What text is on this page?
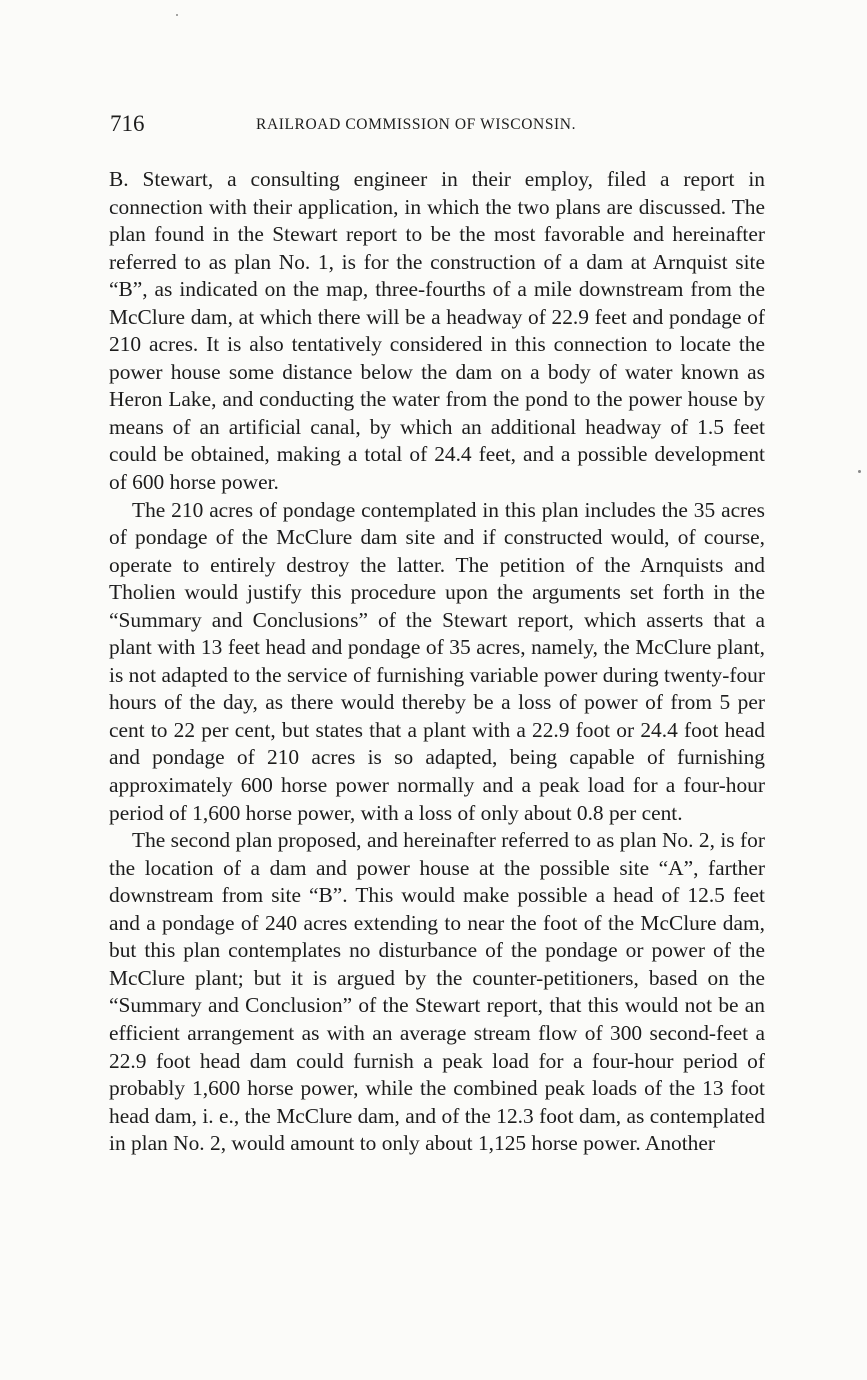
716	RAILROAD COMMISSION OF WISCONSIN.

B. Stewart, a consulting engineer in their employ, filed a report in connection with their application, in which the two plans are discussed. The plan found in the Stewart report to be the most favorable and hereinafter referred to as plan No. 1, is for the construction of a dam at Arnquist site “B”, as indicated on the map, three-fourths of a mile downstream from the McClure dam, at which there will be a headway of 22.9 feet and pondage of 210 acres. It is also tentatively considered in this connection to locate the power house some distance below the dam on a body of water known as Heron Lake, and conducting the water from the pond to the power house by means of an artificial canal, by which an additional headway of 1.5 feet could be obtained, making a total of 24.4 feet, and a possible development of 600 horse power.

The 210 acres of pondage contemplated in this plan includes the 35 acres of pondage of the McClure dam site and if constructed would, of course, operate to entirely destroy the latter. The petition of the Arnquists and Tholien would justify this procedure upon the arguments set forth in the “Summary and Conclusions” of the Stewart report, which asserts that a plant with 13 feet head and pondage of 35 acres, namely, the McClure plant, is not adapted to the service of furnishing variable power during twenty-four hours of the day, as there would thereby be a loss of power of from 5 per cent to 22 per cent, but states that a plant with a 22.9 foot or 24.4 foot head and pondage of 210 acres is so adapted, being capable of furnishing approximately 600 horse power normally and a peak load for a four-hour period of 1,600 horse power, with a loss of only about 0.8 per cent.

The second plan proposed, and hereinafter referred to as plan No. 2, is for the location of a dam and power house at the possible site “A”, farther downstream from site “B”. This would make possible a head of 12.5 feet and a pondage of 240 acres extending to near the foot of the McClure dam, but this plan contemplates no disturbance of the pondage or power of the McClure plant; but it is argued by the counter-petitioners, based on the “Summary and Conclusion” of the Stewart report, that this would not be an efficient arrangement as with an average stream flow of 300 second-feet a 22.9 foot head dam could furnish a peak load for a four-hour period of probably 1,600 horse power, while the combined peak loads of the 13 foot head dam, i. e., the McClure dam, and of the 12.3 foot dam, as contemplated in plan No. 2, would amount to only about 1,125 horse power. Another
